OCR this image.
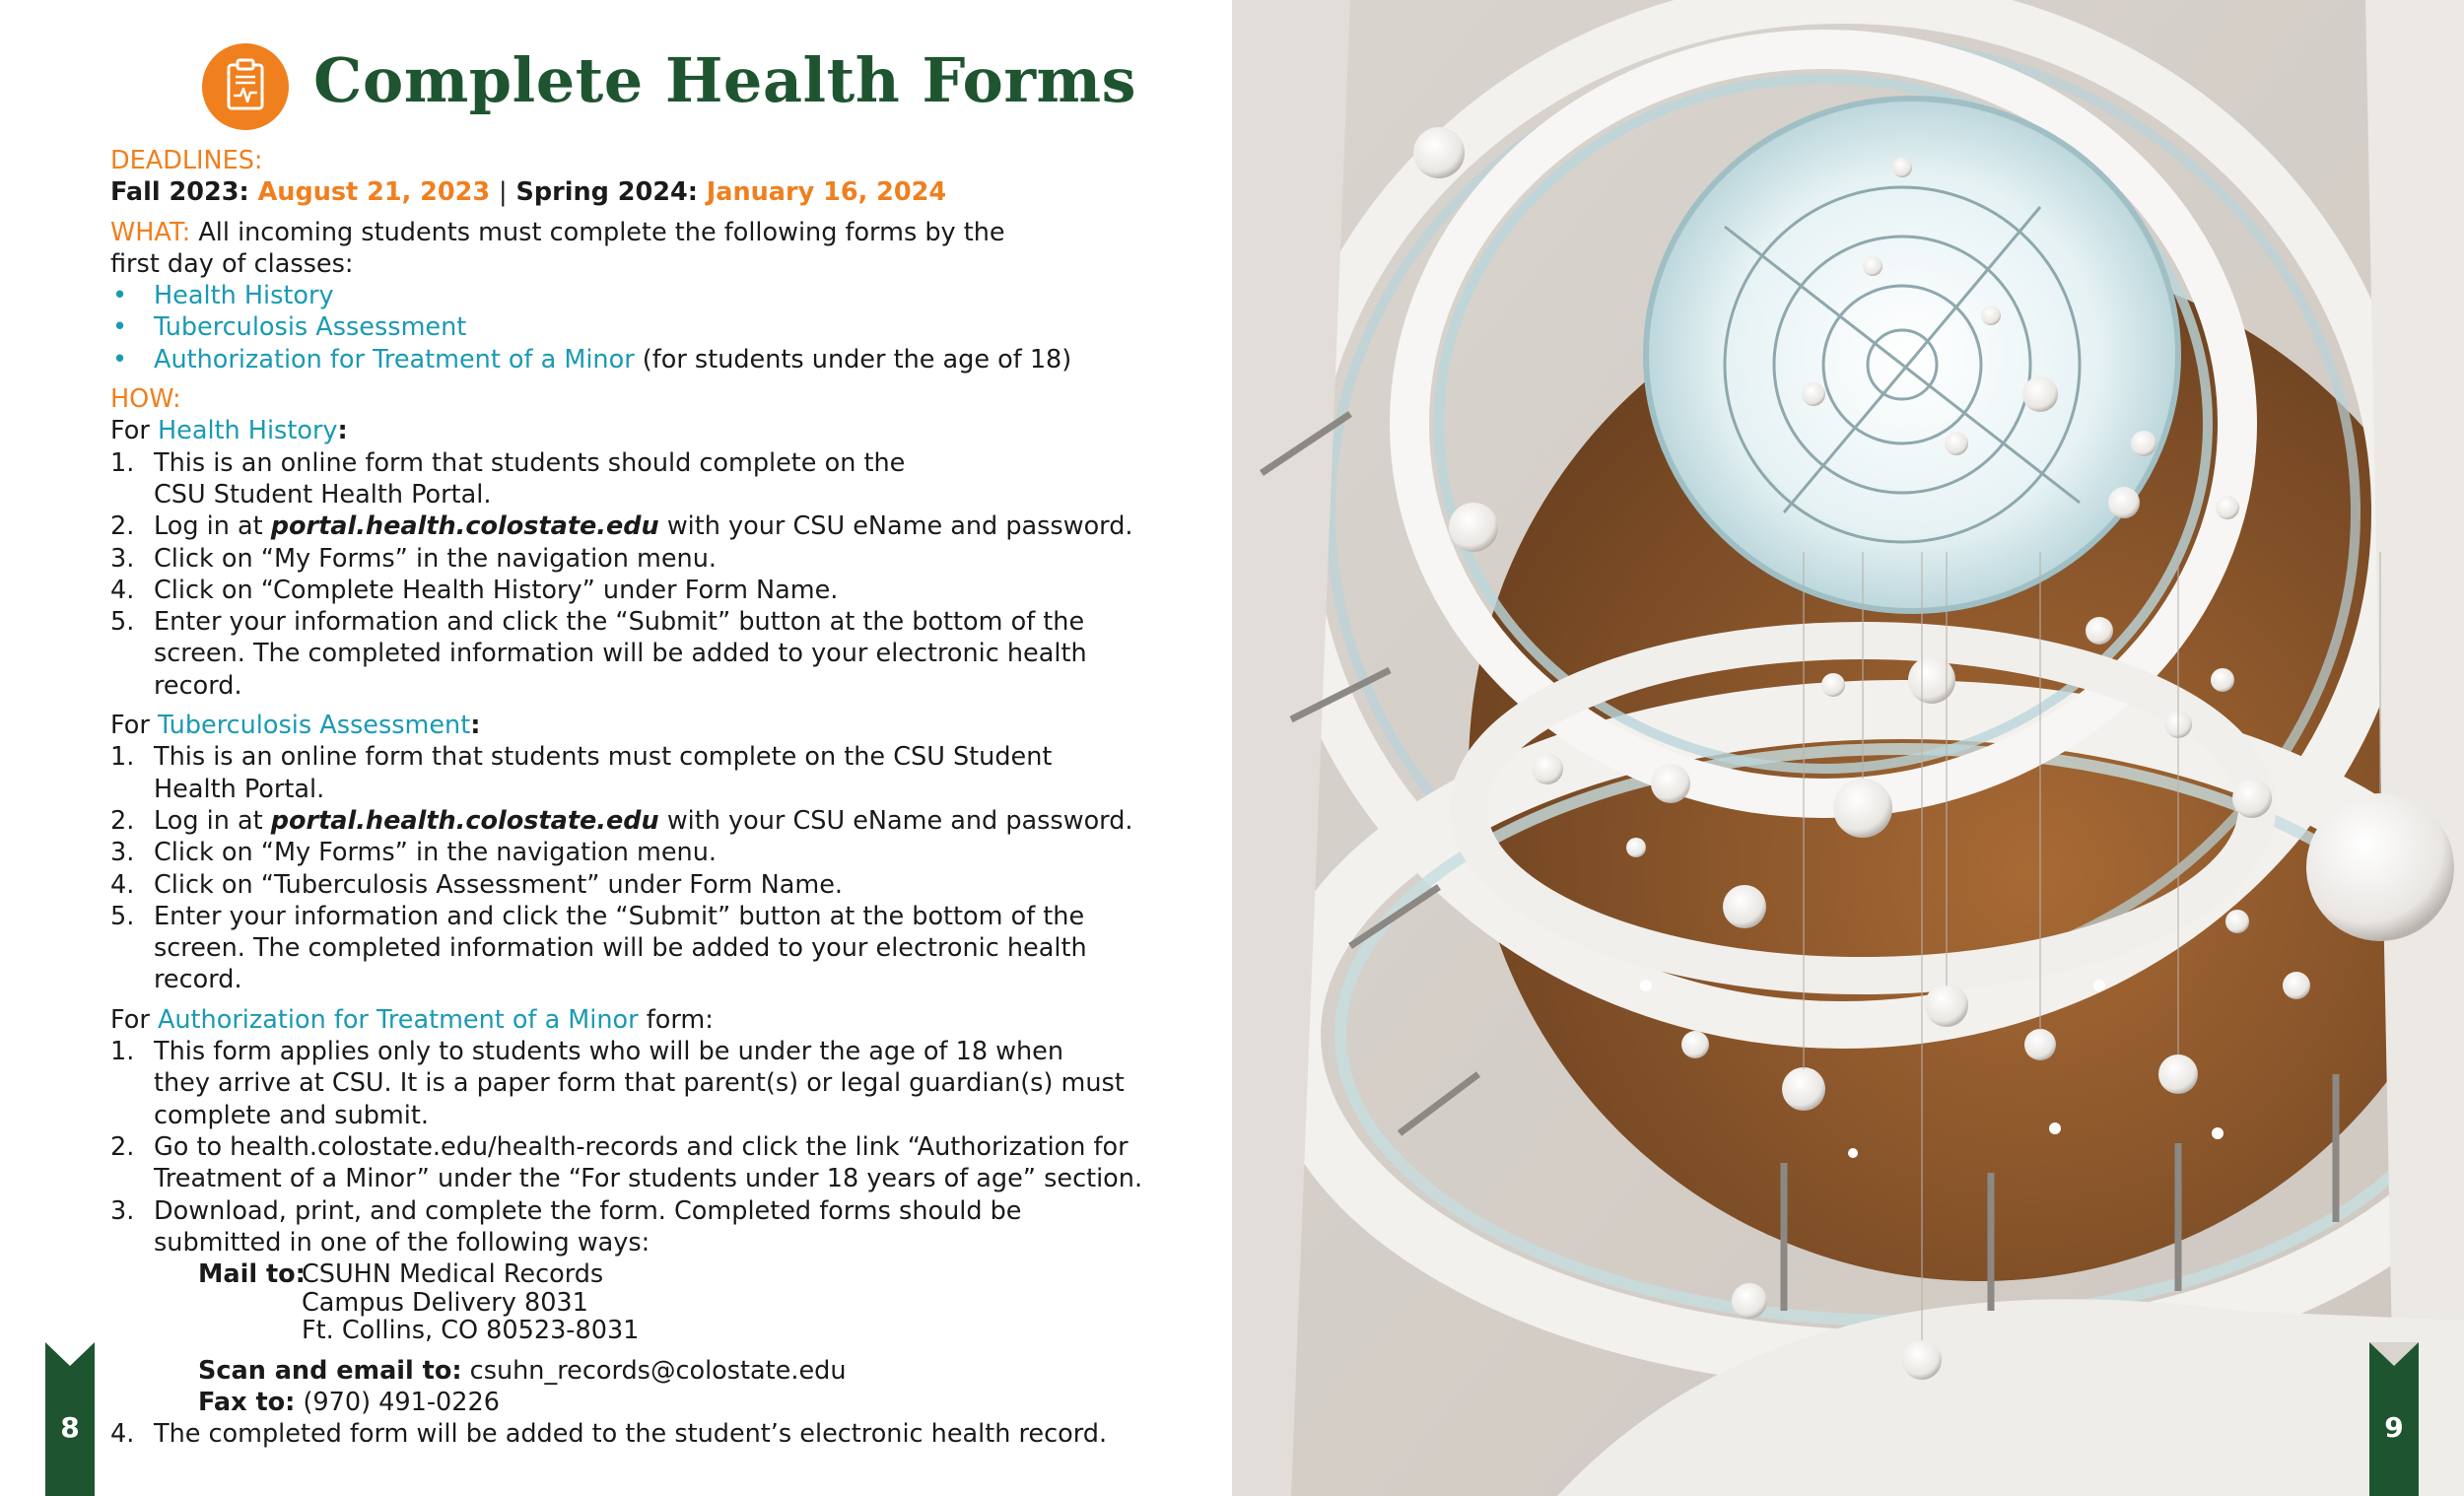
Complete Health Forms
DEADLINES:
Fall 2023: August 21, 2023 | Spring 2024: January 16, 2024
WHAT: All incoming students must complete the following forms by the
first day of classes:
• Health History
• Tuberculosis Assessment
• Authorization for Treatment of a Minor (for students under the age of 18)
HOW:
For Health History:
1. This is an online form that students should complete on the
CSU Student Health Portal.
2. Log in at portal.health.colostate.edu with your CSU eName and password.
3. Click on “My Forms” in the navigation menu.
4. Click on “Complete Health History” under Form Name.
5. Enter your information and click the “Submit” button at the bottom of the
screen. The completed information will be added to your electronic health
record.
For Tuberculosis Assessment:
1. This is an online form that students must complete on the CSU Student
Health Portal.
2. Log in at portal.health.colostate.edu with your CSU eName and password.
3. Click on “My Forms” in the navigation menu.
4. Click on “Tuberculosis Assessment” under Form Name.
5. Enter your information and click the “Submit” button at the bottom of the
screen. The completed information will be added to your electronic health
record.
For Authorization for Treatment of a Minor form:
1. This form applies only to students who will be under the age of 18 when
they arrive at CSU. It is a paper form that parent(s) or legal guardian(s) must
complete and submit.
2. Go to health.colostate.edu/health-records and click the link “Authorization for
Treatment of a Minor” under the “For students under 18 years of age” section.
3. Download, print, and complete the form. Completed forms should be
submitted in one of the following ways:
Mail to:
CSUHN Medical Records
Campus Delivery 8031
Ft. Collins, CO 80523-8031
Scan and email to: csuhn_records@colostate.edu
Fax to: (970) 491-0226
4. The completed form will be added to the student’s electronic health record.
8	9
